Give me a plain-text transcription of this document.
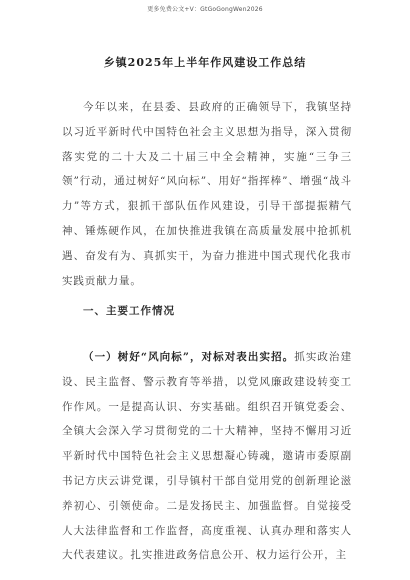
更多免费公文+V：GtGoGongWen2026
乡镇2025年上半年作风建设工作总结

今年以来，在县委、县政府的正确领导下，我镇坚持以习近平新时代中国特色社会主义思想为指导，深入贯彻落实党的二十大及二十届三中全会精神，实施“三争三领”行动，通过树好“风向标”、用好“指挥棒”、增强“战斗力”等方式，狠抓干部队伍作风建设，引导干部提振精气神、锤炼硬作风，在加快推进我镇在高质量发展中抢抓机遇、奋发有为、真抓实干，为奋力推进中国式现代化我市实践贡献力量。

一、主要工作情况

（一）树好“风向标”，对标对表出实招。抓实政治建设、民主监督、警示教育等举措，以党风廉政建设转变工作作风。一是提高认识、夯实基础。组织召开镇党委会、全镇大会深入学习贯彻党的二十大精神，坚持不懈用习近平新时代中国特色社会主义思想凝心铸魂，邀请市委原副书记方庆云讲党课，引导镇村干部自觉用党的创新理论滋养初心、引领使命。二是发扬民主、加强监督。自觉接受人大法律监督和工作监督，高度重视、认真办理和落实人大代表建议。扎实推进政务信息公开、权力运行公开，主
